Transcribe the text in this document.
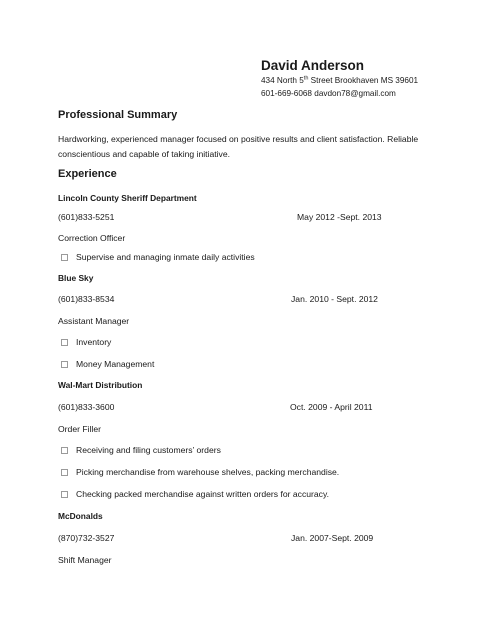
David Anderson
434 North 5th Street Brookhaven MS 39601
601-669-6068 davdon78@gmail.com
Professional Summary
Hardworking, experienced manager focused on positive results and client satisfaction. Reliable conscientious and capable of taking initiative.
Experience
Lincoln County Sheriff Department
(601)833-5251	May 2012 -Sept. 2013
Correction Officer
Supervise and managing inmate daily activities
Blue Sky
(601)833-8534	Jan. 2010 - Sept. 2012
Assistant Manager
Inventory
Money Management
Wal-Mart Distribution
(601)833-3600	Oct. 2009 - April 2011
Order Filler
Receiving and filing customers’ orders
Picking merchandise from warehouse shelves, packing merchandise.
Checking packed merchandise against written orders for accuracy.
McDonalds
(870)732-3527	Jan. 2007-Sept. 2009
Shift Manager
